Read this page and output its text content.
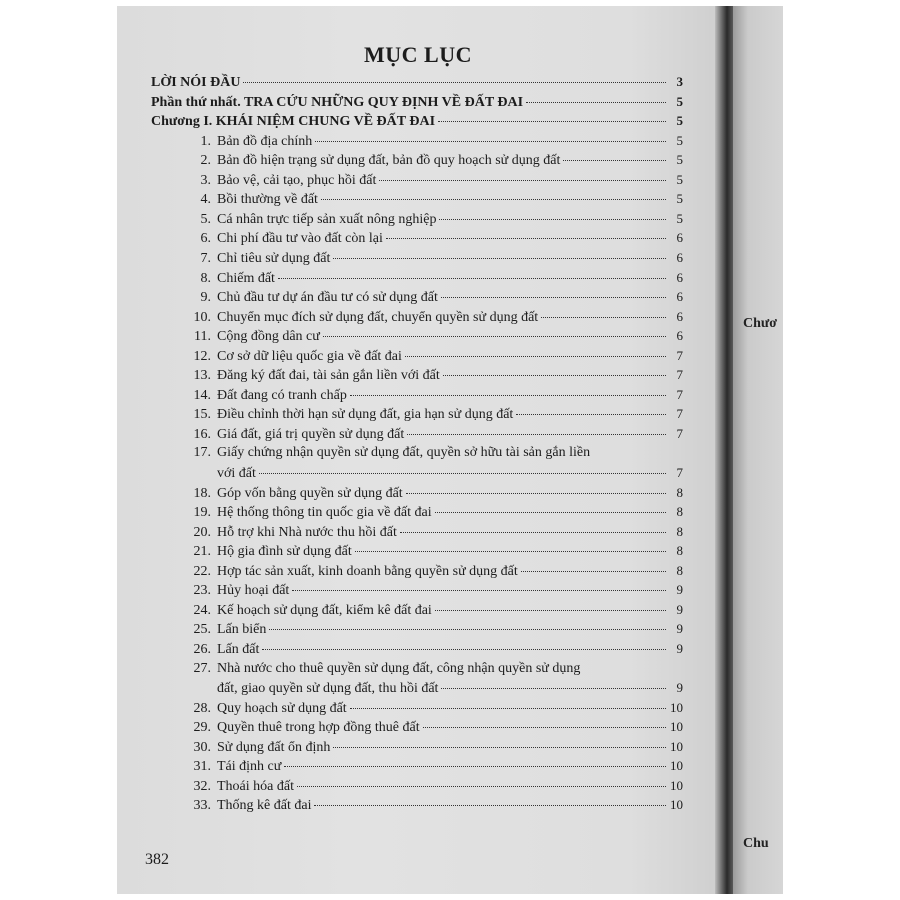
MỤC LỤC
LỜI NÓI ĐẦU	3
Phần thứ nhất. TRA CỨU NHỮNG QUY ĐỊNH VỀ ĐẤT ĐAI	5
Chương I. KHÁI NIỆM CHUNG VỀ ĐẤT ĐAI	5
1. Bản đồ địa chính	5
2. Bản đồ hiện trạng sử dụng đất, bản đồ quy hoạch sử dụng đất	5
3. Bảo vệ, cải tạo, phục hồi đất	5
4. Bồi thường về đất	5
5. Cá nhân trực tiếp sản xuất nông nghiệp	5
6. Chi phí đầu tư vào đất còn lại	6
7. Chỉ tiêu sử dụng đất	6
8. Chiếm đất	6
9. Chủ đầu tư dự án đầu tư có sử dụng đất	6
10. Chuyển mục đích sử dụng đất, chuyển quyền sử dụng đất	6
11. Cộng đồng dân cư	6
12. Cơ sở dữ liệu quốc gia về đất đai	7
13. Đăng ký đất đai, tài sản gắn liền với đất	7
14. Đất đang có tranh chấp	7
15. Điều chỉnh thời hạn sử dụng đất, gia hạn sử dụng đất	7
16. Giá đất, giá trị quyền sử dụng đất	7
17. Giấy chứng nhận quyền sử dụng đất, quyền sở hữu tài sản gắn liền
với đất	7
18. Góp vốn bằng quyền sử dụng đất	8
19. Hệ thống thông tin quốc gia về đất đai	8
20. Hỗ trợ khi Nhà nước thu hồi đất	8
21. Hộ gia đình sử dụng đất	8
22. Hợp tác sản xuất, kinh doanh bằng quyền sử dụng đất	8
23. Hủy hoại đất	9
24. Kế hoạch sử dụng đất, kiểm kê đất đai	9
25. Lấn biển	9
26. Lấn đất	9
27. Nhà nước cho thuê quyền sử dụng đất, công nhận quyền sử dụng
đất, giao quyền sử dụng đất, thu hồi đất	9
28. Quy hoạch sử dụng đất	10
29. Quyền thuê trong hợp đồng thuê đất	10
30. Sử dụng đất ổn định	10
31. Tái định cư	10
32. Thoái hóa đất	10
33. Thống kê đất đai	10
382
Chươ
Chu
